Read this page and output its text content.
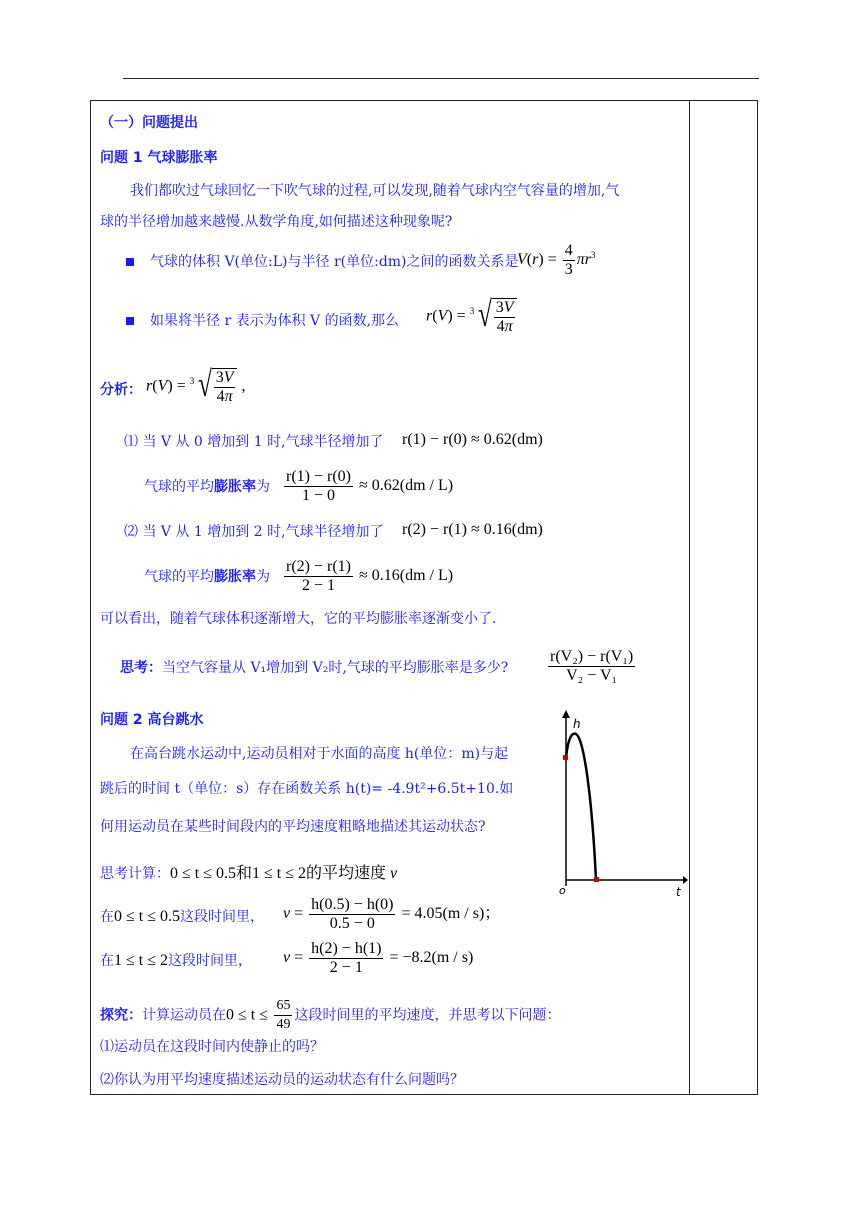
（一）问题提出
问题 1 气球膨胀率
我们都吹过气球回忆一下吹气球的过程,可以发现,随着气球内空气容量的增加,气
球的半径增加越来越慢.从数学角度,如何描述这种现象呢?
气球的体积 V(单位:L)与半径 r(单位:dm)之间的函数关系是
$V(r) = \frac{4}{3} \pi r^3$
如果将半径 r 表示为体积 V 的函数,那么 r(V) = 3 √ $\frac{3V}{4\pi}$
分析： r(V) = 3 √ $\frac{3V}{4\pi}$ ,
⑴ 当 V 从 0 增加到 1 时,气球半径增加了 r(1) − r(0) ≈ 0.62(dm)
气球的平均膨胀率为 $\frac{r(1) - r(0)}{1 - 0} \approx 0.62(dm / L)$
⑵ 当 V 从 1 增加到 2 时,气球半径增加了 r(2) − r(1) ≈ 0.16(dm)
气球的平均膨胀率为 $\frac{r(2) - r(1)}{2 - 1} \approx 0.16(dm / L)$
可以看出，随着气球体积逐渐增大，它的平均膨胀率逐渐变小了.
思考：当空气容量从 V₁增加到 V₂时,气球的平均膨胀率是多少? $\frac{\text{r(V₂) − r(V₁)}}{\text{V₂ − V₁}}$
问题 2 高台跳水
在高台跳水运动中,运动员相对于水面的高度 h(单位：m)与起
跳后的时间 t（单位：s）存在函数关系 h(t)= -4.9t²+6.5t+10.如
何用运动员在某些时间段内的平均速度粗略地描述其运动状态?
思考计算：0 ≤ t ≤ 0.5和1 ≤ t ≤ 2的平均速度 v
在0 ≤ t ≤ 0.5这段时间里， $v = \frac{h(0.5) - h(0)}{0.5 - 0} = 4.05(m / s)$；
在1 ≤ t ≤ 2这段时间里， $v = \frac{h(2) - h(1)}{2 - 1} = -8.2(m / s)$
探究：计算运动员在$0 \le t \le \frac{65}{49}$ 这段时间里的平均速度，并思考以下问题：
⑴运动员在这段时间内使静止的吗？
⑵你认为用平均速度描述运动员的运动状态有什么问题吗？
h
t
o
